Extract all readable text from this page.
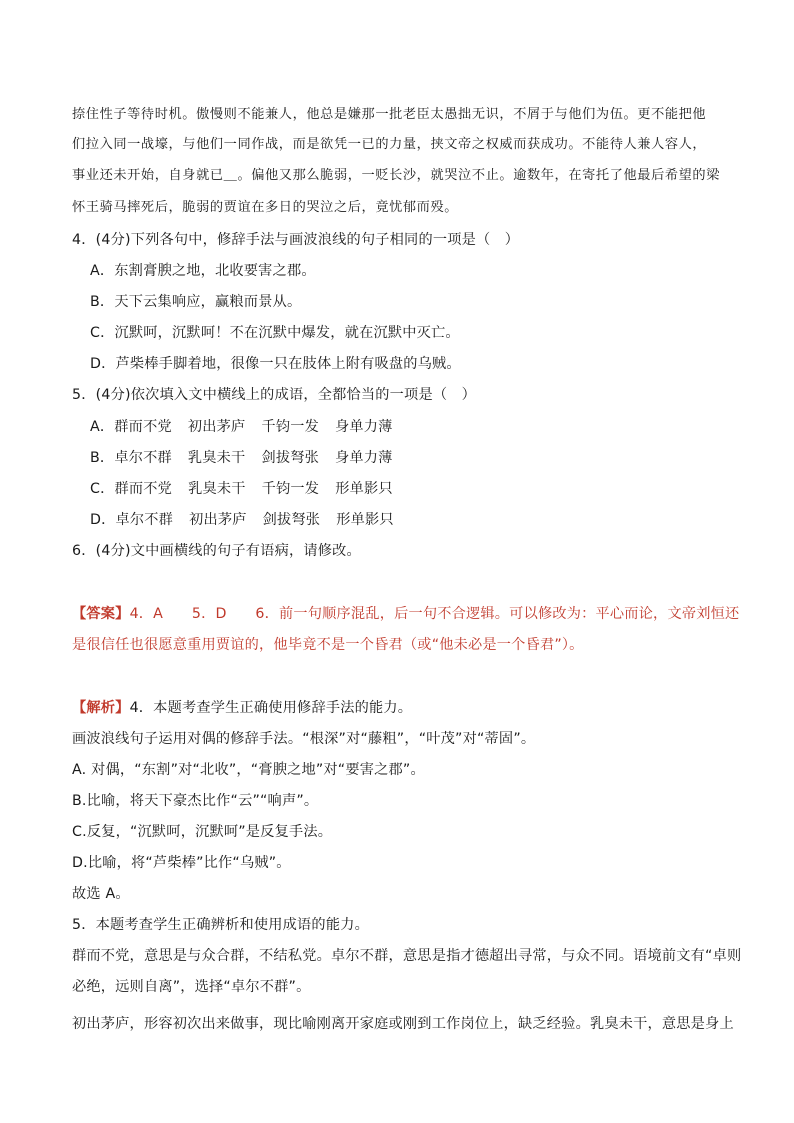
捺住性子等待时机。傲慢则不能兼人，他总是嫌那一批老臣太愚拙无识，不屑于与他们为伍。更不能把他
们拉入同一战壕，与他们一同作战，而是欲凭一已的力量，挟文帝之权威而获成功。不能待人兼人容人，
事业还未开始，自身就已＿。偏他又那么脆弱，一贬长沙，就哭泣不止。逾数年，在寄托了他最后希望的梁
怀王骑马摔死后，脆弱的贾谊在多日的哭泣之后，竟忧郁而殁。
4．(4分)下列各句中，修辞手法与画波浪线的句子相同的一项是（　）
A．东割膏腴之地，北收要害之郡。
B．天下云集响应，赢粮而景从。
C．沉默呵，沉默呵！不在沉默中爆发，就在沉默中灭亡。
D．芦柴棒手脚着地，很像一只在肢体上附有吸盘的乌贼。
5．(4分)依次填入文中横线上的成语，全都恰当的一项是（　）
A．群而不党 初出茅庐 千钧一发 身单力薄
B．卓尔不群 乳臭未干 剑拔弩张 身单力薄
C．群而不党 乳臭未干 千钧一发 形单影只
D．卓尔不群 初出茅庐 剑拔弩张 形单影只
6．(4分)文中画横线的句子有语病，请修改。
【答案】4．A　　5．D　　6．前一句顺序混乱，后一句不合逻辑。可以修改为：平心而论，文帝刘恒还
是很信任也很愿意重用贾谊的，他毕竟不是一个昏君（或“他未必是一个昏君”）。
【解析】4．本题考查学生正确使用修辞手法的能力。
画波浪线句子运用对偶的修辞手法。“根深”对“藤粗”，“叶茂”对“蒂固”。
A. 对偶，“东割”对“北收”，“膏腴之地”对“要害之郡”。
B.比喻，将天下豪杰比作“云”“响声”。
C.反复，“沉默呵，沉默呵”是反复手法。
D.比喻，将“芦柴棒”比作“乌贼”。
故选 A。
5．本题考查学生正确辨析和使用成语的能力。
群而不党，意思是与众合群，不结私党。卓尔不群，意思是指才德超出寻常，与众不同。语境前文有“卓则
必绝，远则自离”，选择“卓尔不群”。
初出茅庐，形容初次出来做事，现比喻刚离开家庭或刚到工作岗位上，缺乏经验。乳臭未干，意思是身上
